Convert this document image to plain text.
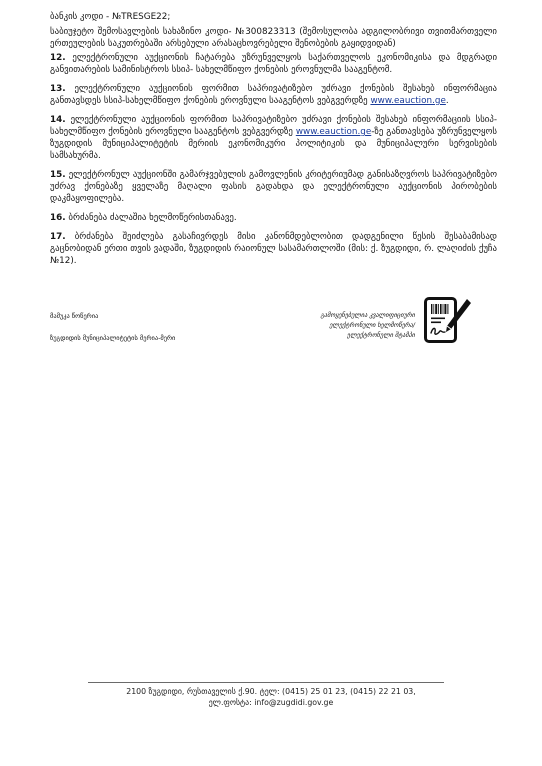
ბანკის კოდი - №TRESGE22;

საბიუჯეტო შემოსავლების სახაზინო კოდი- №300823313 (შემოსულობა ადგილობრივი თვითმართველი ერთეულების საკუთრებაში არსებული არასაცხოვრებელი შენობების გაყიდვიდან)

12. ელექტრონული აუქციონის ჩატარება უზრუნველყოს საქართველოს ეკონომიკისა და მდგრადი განვითარების სამინისტროს სსიპ- სახელმწიფო ქონების ეროვნულმა სააგენტომ.

13. ელექტრონული აუქციონის ფორმით საპრივატიზებო უძრავი ქონების შესახებ ინფორმაცია განთავსდეს სსიპ-სახელმწიფო ქონების ეროვნული სააგენტოს ვებგვერდზე www.eauction.ge.

14. ელექტრონული აუქციონის ფორმით საპრივატიზებო უძრავი ქონების შესახებ ინფორმაციის სსიპ-სახელმწიფო ქონების ეროვნული სააგენტოს ვებგვერდზე www.eauction.ge-ზე განთავსება უზრუნველყოს ზუგდიდის მუნიციპალიტეტის მერიის ეკონომიკური პოლიტიკის და მუნიციპალური სერვისების სამსახურმა.

15. ელექტრონულ აუქციონში გამარჯვებულის გამოვლენის კრიტერიუმად განისაზღვროს საპრივატიზებო უძრავ ქონებაზე ყველაზე მაღალი ფასის გადახდა და ელექტრონული აუქციონის პირობების დაკმაყოფილება.

16. ბრძანება ძალაშია ხელმოწერისთანავე.

17. ბრძანება შეიძლება გასაჩივრდეს მისი კანონმდებლობით დადგენილი წესის შესაბამისად გაცნობიდან ერთი თვის ვადაში, ზუგდიდის რაიონულ სასამართლოში (მის: ქ. ზუგდიდი, რ. ლაღიძის ქუჩა №12).

მამუკა წოწერია
ზუგდიდის მუნიციპალიტეტის მერია-მერი
გამოყენებულია კვალიფიციური
ელექტრონული ხელმოწერა/
ელექტრონული შტამპი
2100 ზუგდიდი, რუსთაველის ქ.90. ტელ: (0415) 25 01 23, (0415) 22 21 03,
ელ.ფოსტა: info@zugdidi.gov.ge
